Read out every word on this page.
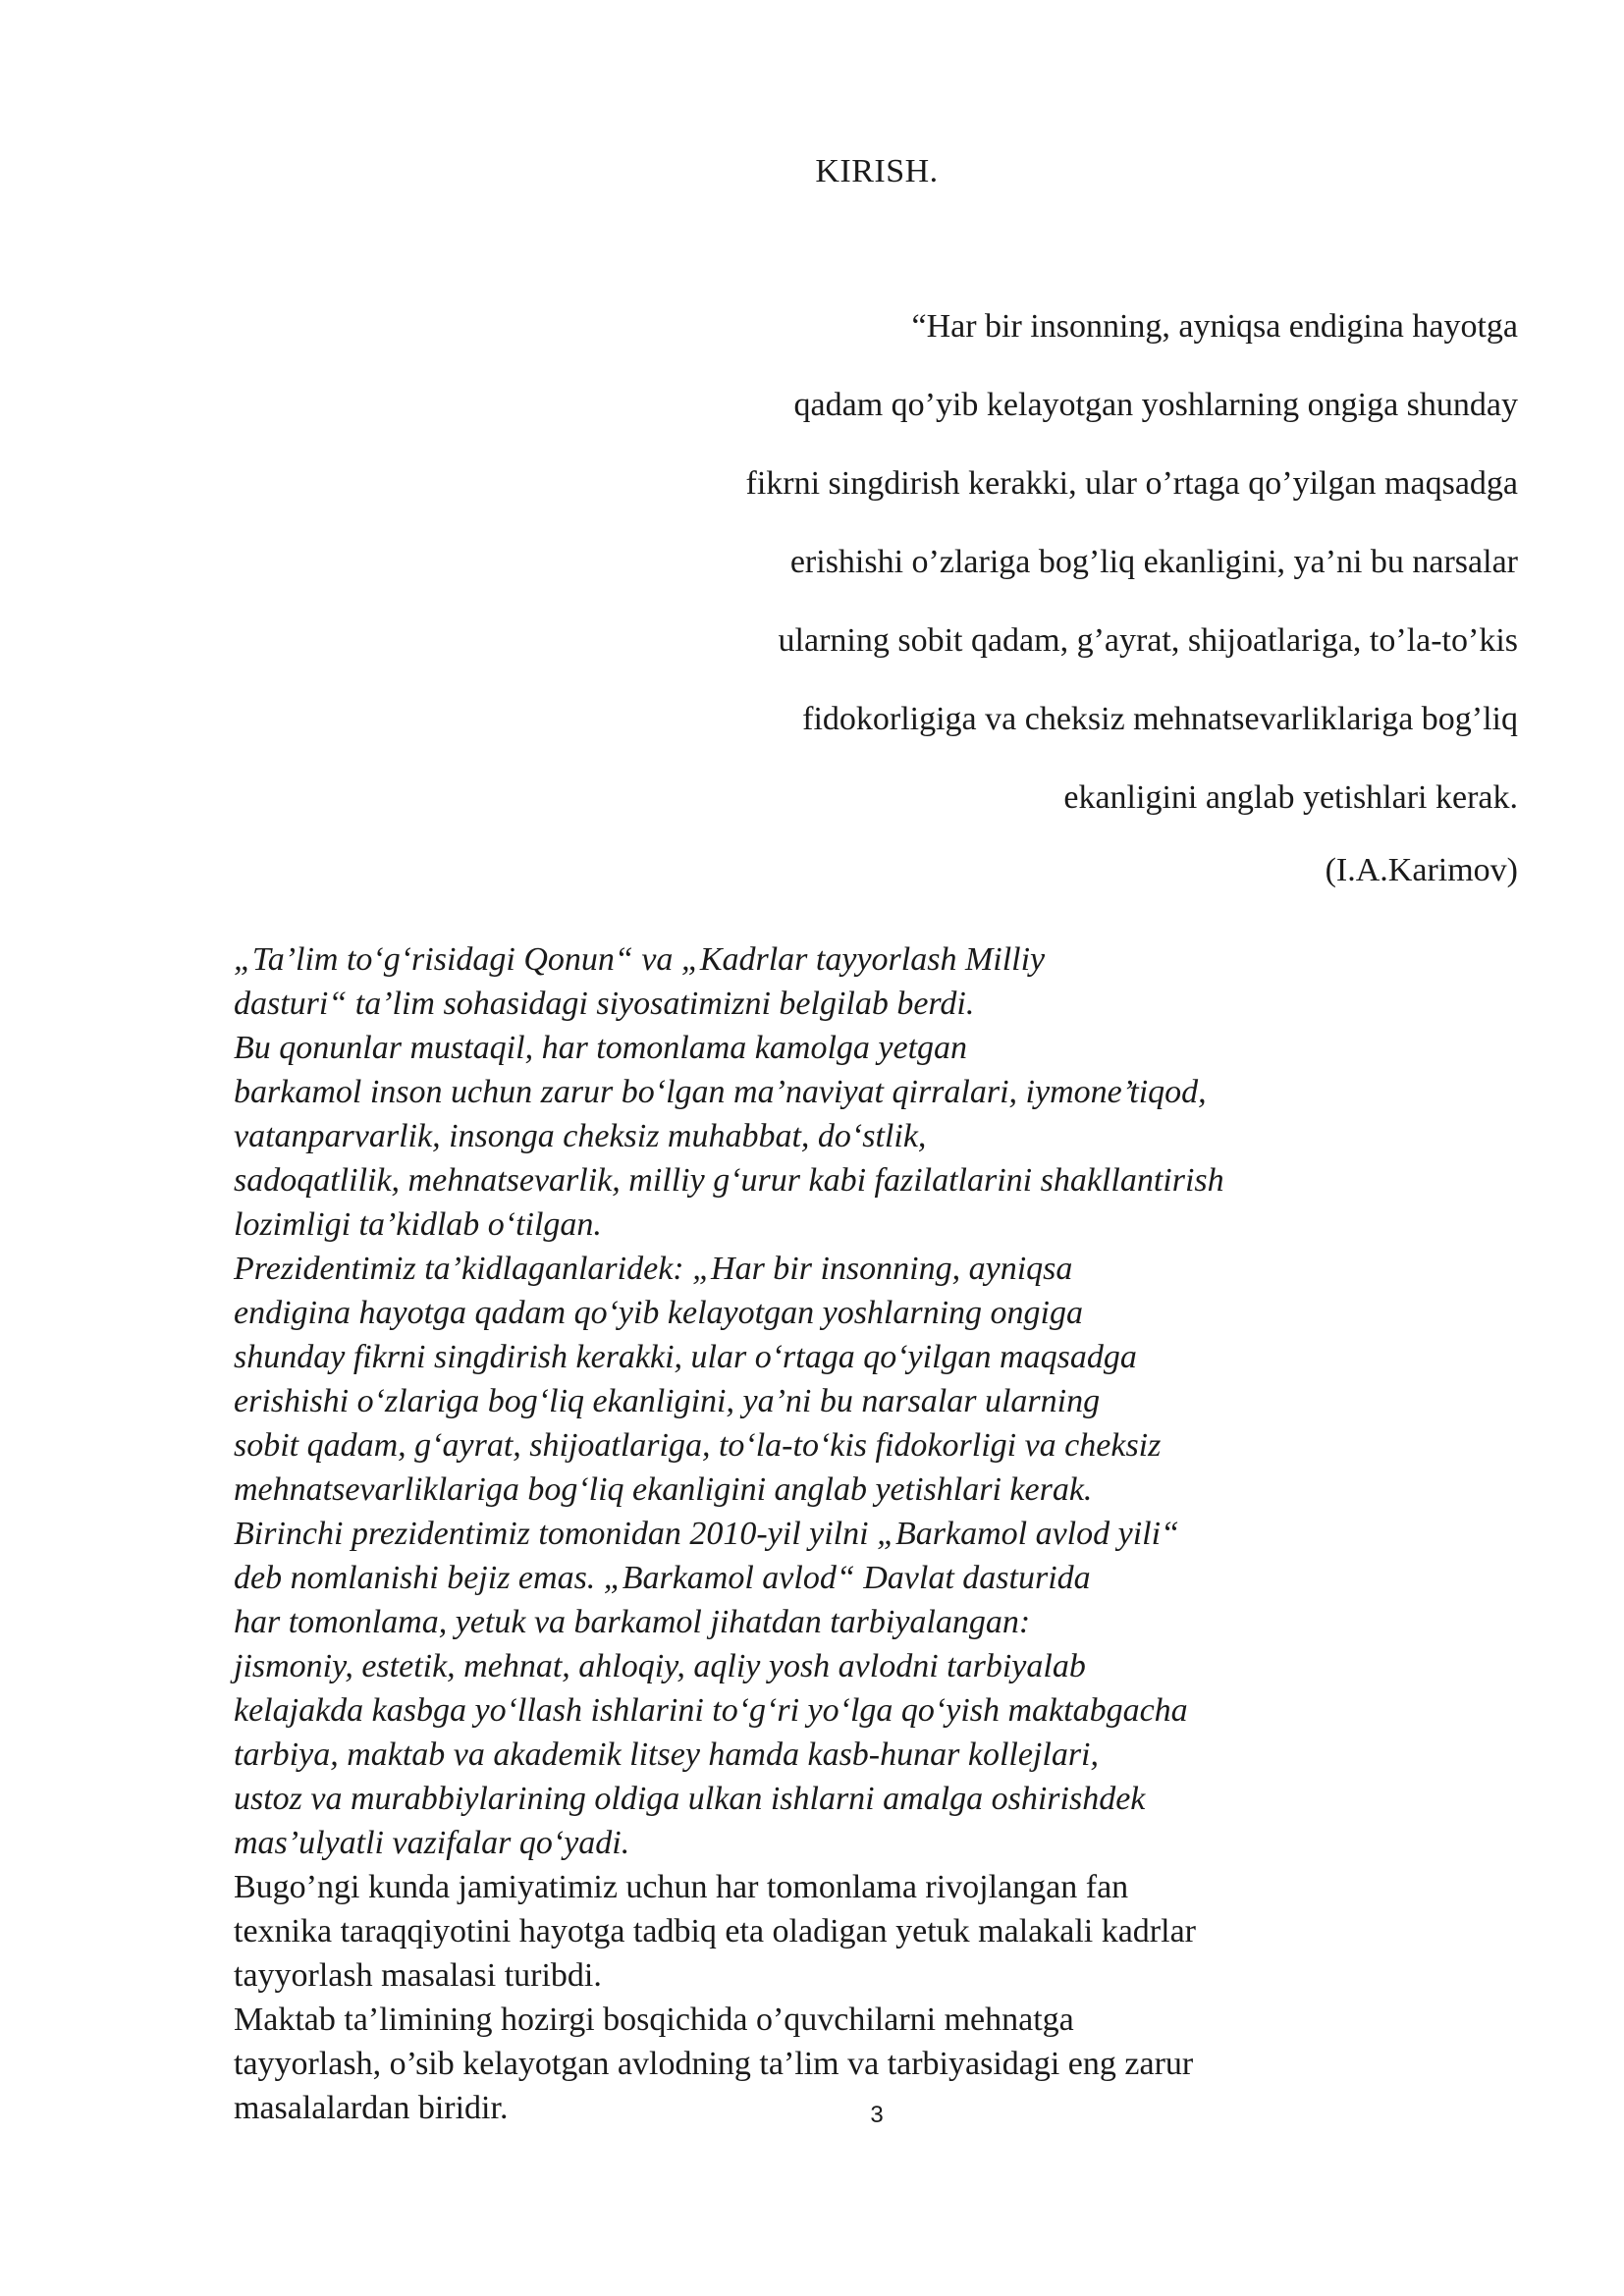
KIRISH.
“Har bir insonning, ayniqsa endigina hayotga
qadam qo’yib kelayotgan yoshlarning ongiga shunday
fikrni singdirish kerakki, ular o’rtaga qo’yilgan maqsadga
erishishi o’zlariga bog’liq ekanligini, ya’ni bu narsalar
ularning sobit qadam, g’ayrat, shijoatlariga, to’la-to’kis
fidokorligiga va cheksiz mehnatsevarliklariga bog’liq
ekanligini anglab yetishlari kerak.
(I.A.Karimov)
„Ta’lim to‘g‘risidagi Qonun“ va „Kadrlar tayyorlash Milliy
dasturi“ ta’lim sohasidagi siyosatimizni belgilab berdi.
Bu qonunlar mustaqil, har tomonlama kamolga yetgan
barkamol inson uchun zarur bo‘lgan ma’naviyat qirralari, iymone’tiqod,
vatanparvarlik, insonga cheksiz muhabbat, do‘stlik,
sadoqatlilik, mehnatsevarlik, milliy g‘urur kabi fazilatlarini shakllantirish
lozimligi ta’kidlab o‘tilgan.
Prezidentimiz ta’kidlaganlaridek: „Har bir insonning, ayniqsa
endigina hayotga qadam qo‘yib kelayotgan yoshlarning ongiga
shunday fikrni singdirish kerakki, ular o‘rtaga qo‘yilgan maqsadga
erishishi o‘zlariga bog‘liq ekanligini, ya’ni bu narsalar ularning
sobit qadam, g‘ayrat, shijoatlariga, to‘la-to‘kis fidokorligi va cheksiz
mehnatsevarliklariga bog‘liq ekanligini anglab yetishlari kerak.
Birinchi prezidentimiz tomonidan 2010-yil yilni „Barkamol avlod yili“
deb nomlanishi bejiz emas. „Barkamol avlod“ Davlat dasturida
har tomonlama, yetuk va barkamol jihatdan tarbiyalangan:
jismoniy, estetik, mehnat, ahloqiy, aqliy yosh avlodni tarbiyalab
kelajakda kasbga yo‘llash ishlarini to‘g‘ri yo‘lga qo‘yish maktabgacha
tarbiya, maktab va akademik litsey hamda kasb-hunar kollejlari,
ustoz va murabbiylarining oldiga ulkan ishlarni amalga oshirishdek
mas’ulyatli vazifalar qo‘yadi.
Bugo’ngi kunda jamiyatimiz uchun har tomonlama rivojlangan fan
texnika taraqqiyotini hayotga tadbiq eta oladigan yetuk malakali kadrlar
tayyorlash masalasi turibdi.
Maktab ta’limining hozirgi bosqichida o’quvchilarni mehnatga
tayyorlash, o’sib kelayotgan avlodning ta’lim va tarbiyasidagi eng zarur
masalalardan biridir.	3
